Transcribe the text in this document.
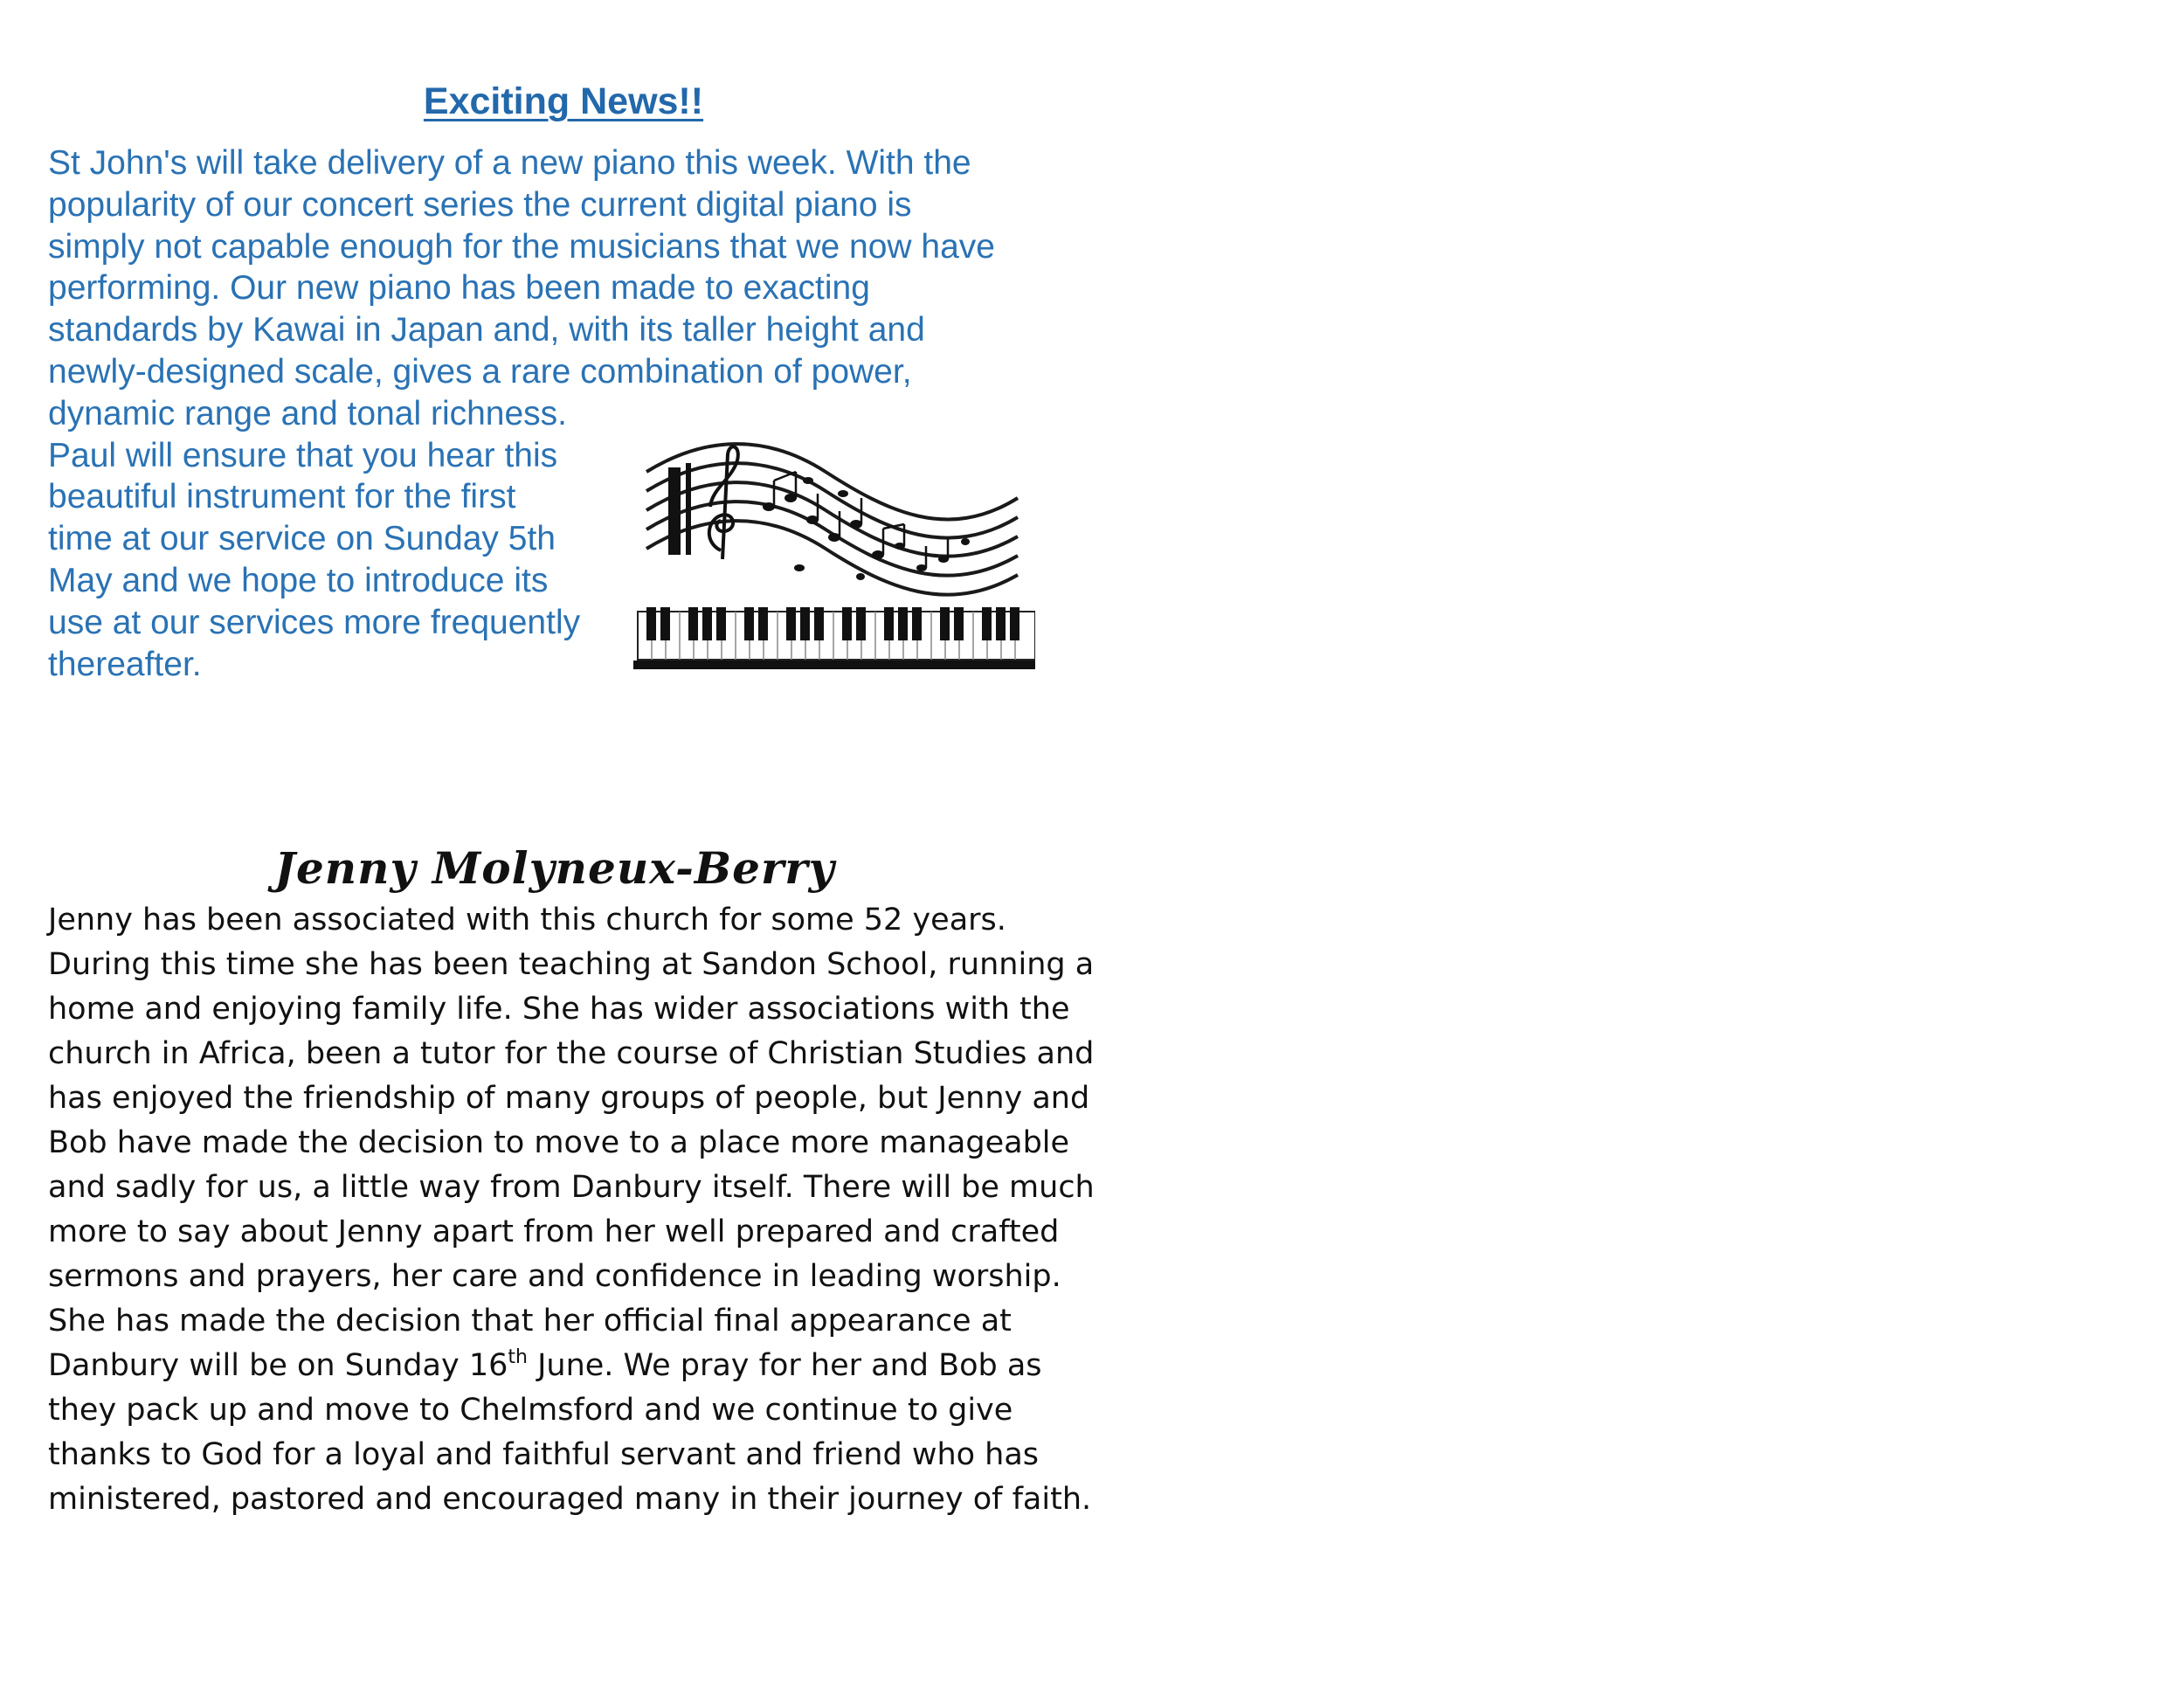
Exciting News!!
St John's will take delivery of a new piano this week. With the
popularity of our concert series the current digital piano is
simply not capable enough for the musicians that we now have
performing. Our new piano has been made to exacting
standards by Kawai in Japan and, with its taller height and
newly-designed scale, gives a rare combination of power,
dynamic range and tonal richness.
Paul will ensure that you hear this
beautiful instrument for the first
time at our service on Sunday 5th
May and we hope to introduce its
use at our services more frequently
thereafter.
Jenny Molyneux-Berry
Jenny has been associated with this church for some 52 years.
During this time she has been teaching at Sandon School, running a
home and enjoying family life. She has wider associations with the
church in Africa, been a tutor for the course of Christian Studies and
has enjoyed the friendship of many groups of people, but Jenny and
Bob have made the decision to move to a place more manageable
and sadly for us, a little way from Danbury itself. There will be much
more to say about Jenny apart from her well prepared and crafted
sermons and prayers, her care and confidence in leading worship.
She has made the decision that her official final appearance at
Danbury will be on Sunday 16th June. We pray for her and Bob as
they pack up and move to Chelmsford and we continue to give
thanks to God for a loyal and faithful servant and friend who has
ministered, pastored and encouraged many in their journey of faith.
